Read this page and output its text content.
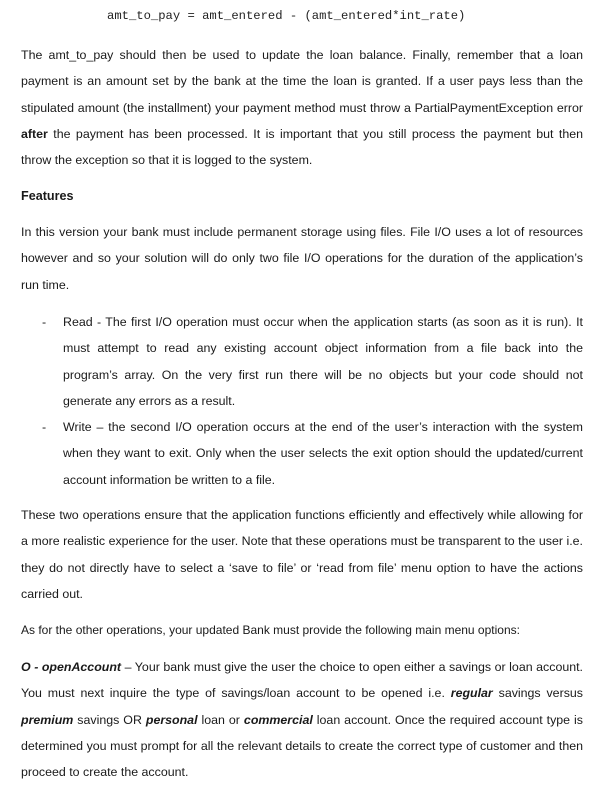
amt_to_pay = amt_entered - (amt_entered*int_rate)

The amt_to_pay should then be used to update the loan balance. Finally, remember that a loan payment is an amount set by the bank at the time the loan is granted. If a user pays less than the stipulated amount (the installment) your payment method must throw a PartialPaymentException error after the payment has been processed. It is important that you still process the payment but then throw the exception so that it is logged to the system.

Features

In this version your bank must include permanent storage using files. File I/O uses a lot of resources however and so your solution will do only two file I/O operations for the duration of the application’s run time.

- Read - The first I/O operation must occur when the application starts (as soon as it is run). It must attempt to read any existing account object information from a file back into the program’s array. On the very first run there will be no objects but your code should not generate any errors as a result.

- Write – the second I/O operation occurs at the end of the user’s interaction with the system when they want to exit. Only when the user selects the exit option should the updated/current account information be written to a file.

These two operations ensure that the application functions efficiently and effectively while allowing for a more realistic experience for the user. Note that these operations must be transparent to the user i.e. they do not directly have to select a ‘save to file’ or ‘read from file’ menu option to have the actions carried out.

As for the other operations, your updated Bank must provide the following main menu options:

O - openAccount – Your bank must give the user the choice to open either a savings or loan account. You must next inquire the type of savings/loan account to be opened i.e. regular savings versus premium savings OR personal loan or commercial loan account. Once the required account type is determined you must prompt for all the relevant details to create the correct type of customer and then proceed to create the account.
